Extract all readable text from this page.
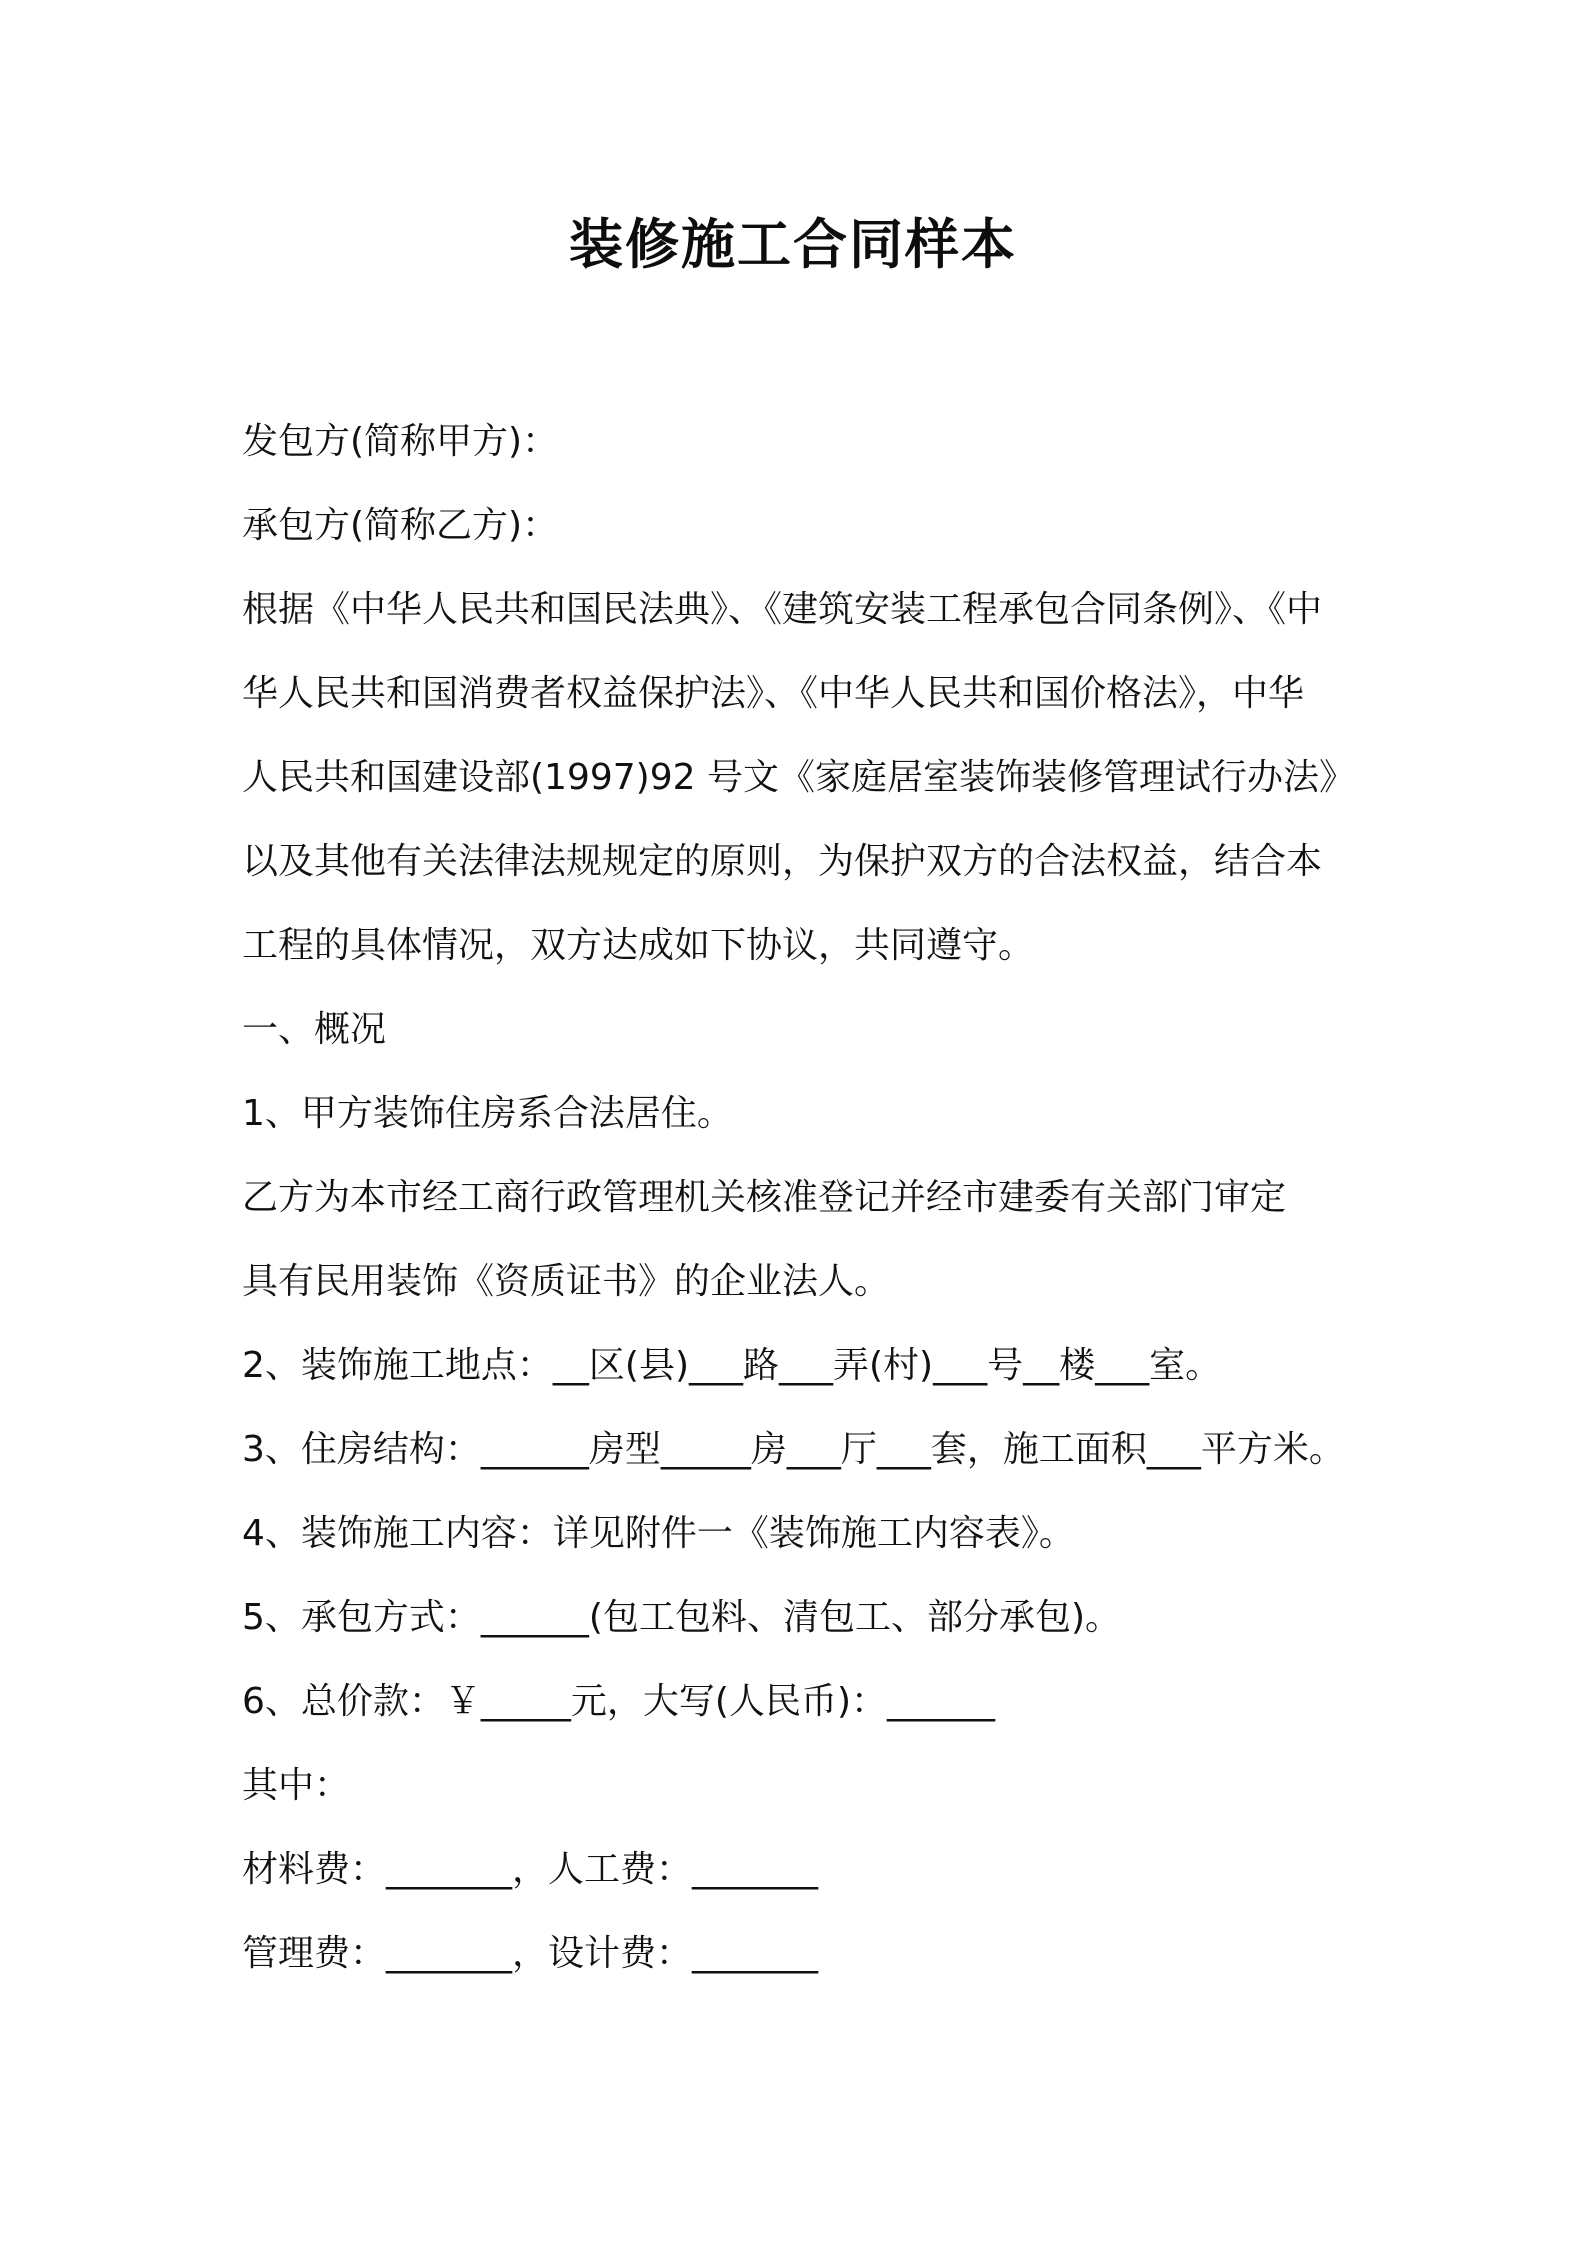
装修施工合同样本
发包方(简称甲方)：
承包方(简称乙方)：
根据《中华人民共和国民法典》、《建筑安装工程承包合同条例》、《中
华人民共和国消费者权益保护法》、《中华人民共和国价格法》，中华
人民共和国建设部(1997)92 号文《家庭居室装饰装修管理试行办法》
以及其他有关法律法规规定的原则，为保护双方的合法权益，结合本
工程的具体情况，双方达成如下协议，共同遵守。
一、概况
1、甲方装饰住房系合法居住。
乙方为本市经工商行政管理机关核准登记并经市建委有关部门审定
具有民用装饰《资质证书》的企业法人。
2、装饰施工地点：__区(县)___路___弄(村)___号__楼___室。
3、住房结构：______房型_____房___厅___套，施工面积___平方米。
4、装饰施工内容：详见附件一《装饰施工内容表》。
5、承包方式：______(包工包料、清包工、部分承包)。
6、总价款：￥_____元，大写(人民币)：______
其中：
材料费：_______，人工费：_______
管理费：_______，设计费：_______
